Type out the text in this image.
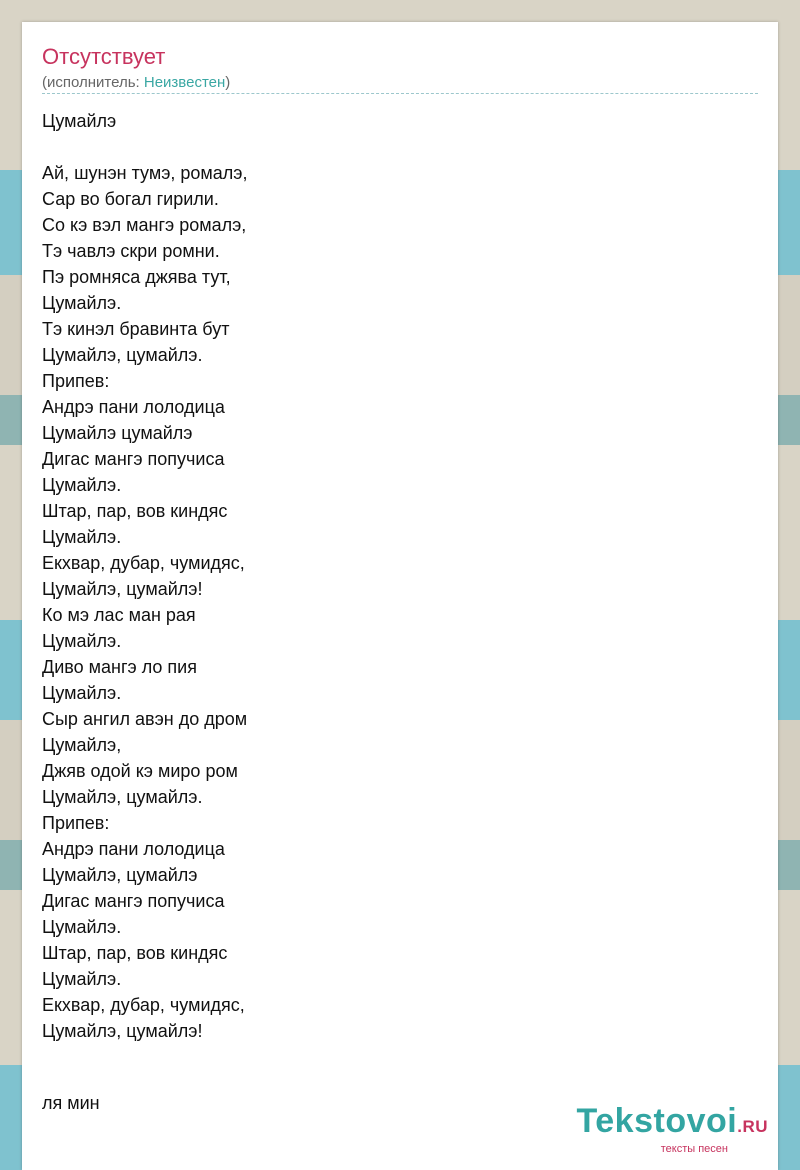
Отсутствует
(исполнитель: Неизвестен)
Цумайлэ
Ай, шунэн тумэ, ромалэ,
Сар во богал гирили.
Со кэ вэл мангэ ромалэ,
Тэ чавлэ скри ромни.
Пэ ромняса джява тут,
Цумайлэ.
Тэ кинэл бравинта бут
Цумайлэ, цумайлэ.
Припев:
Андрэ пани лолодица
Цумайлэ цумайлэ
Дигас мангэ попучиса
Цумайлэ.
Штар, пар, вов киндяс
Цумайлэ.
Екхвар, дубар, чумидяс,
Цумайлэ, цумайлэ!
Ко мэ лас ман рая
Цумайлэ.
Диво мангэ ло пия
Цумайлэ.
Сыр ангил авэн до дром
Цумайлэ,
Джяв одой кэ миро ром
Цумайлэ, цумайлэ.
Припев:
Андрэ пани лолодица
Цумайлэ, цумайлэ
Дигас мангэ попучиса
Цумайлэ.
Штар, пар, вов киндяс
Цумайлэ.
Екхвар, дубар, чумидяс,
Цумайлэ, цумайлэ!
ля мин	Tekstovoi.RU
тексты песен
